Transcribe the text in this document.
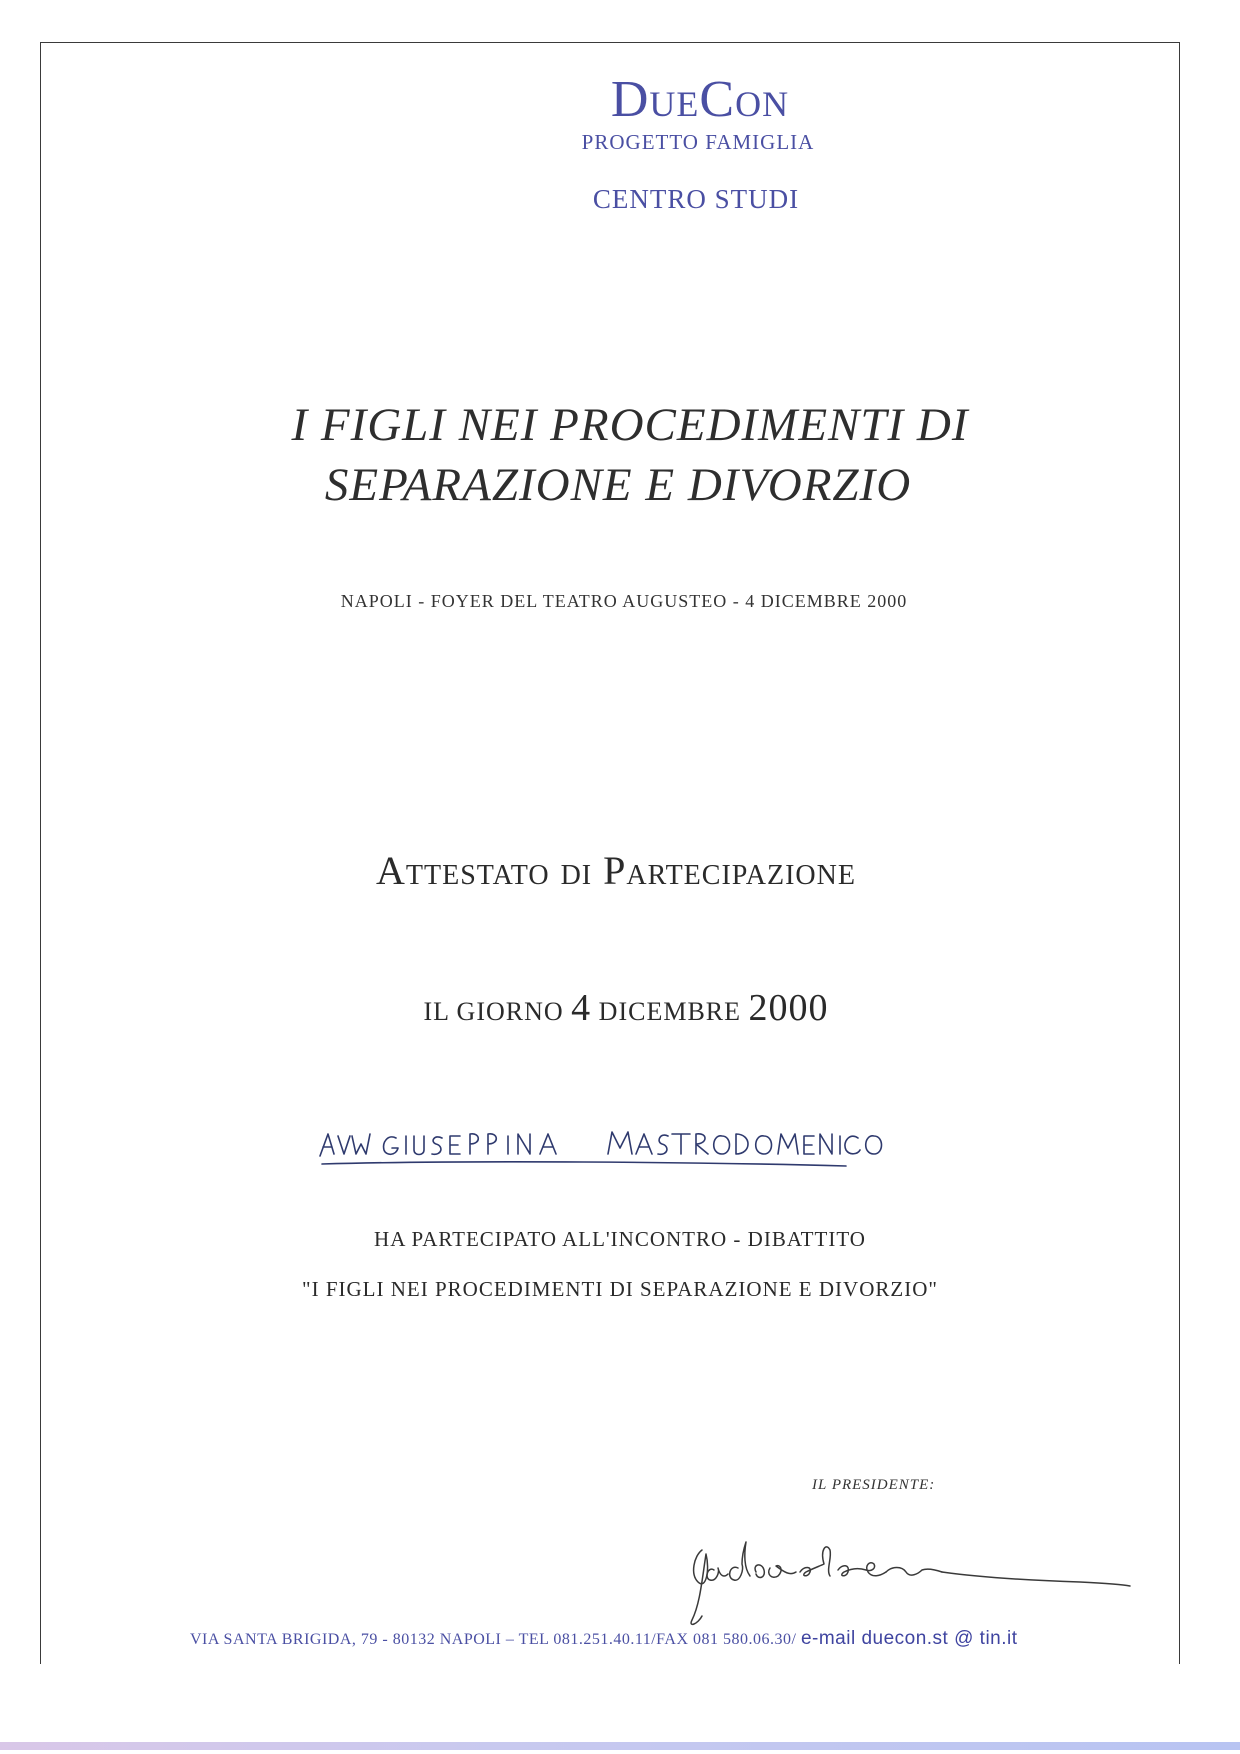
DueCon
PROGETTO FAMIGLIA
CENTRO STUDI
I FIGLI NEI PROCEDIMENTI DI
SEPARAZIONE E DIVORZIO
NAPOLI - FOYER DEL TEATRO AUGUSTEO - 4 DICEMBRE 2000
Attestato di Partecipazione
IL GIORNO 4 DICEMBRE 2000
HA PARTECIPATO ALL'INCONTRO - DIBATTITO
"I FIGLI NEI PROCEDIMENTI DI SEPARAZIONE E DIVORZIO"
IL PRESIDENTE:
VIA SANTA BRIGIDA, 79 - 80132 NAPOLI – TEL 081.251.40.11/FAX 081 580.06.30/ e-mail duecon.st @ tin.it
